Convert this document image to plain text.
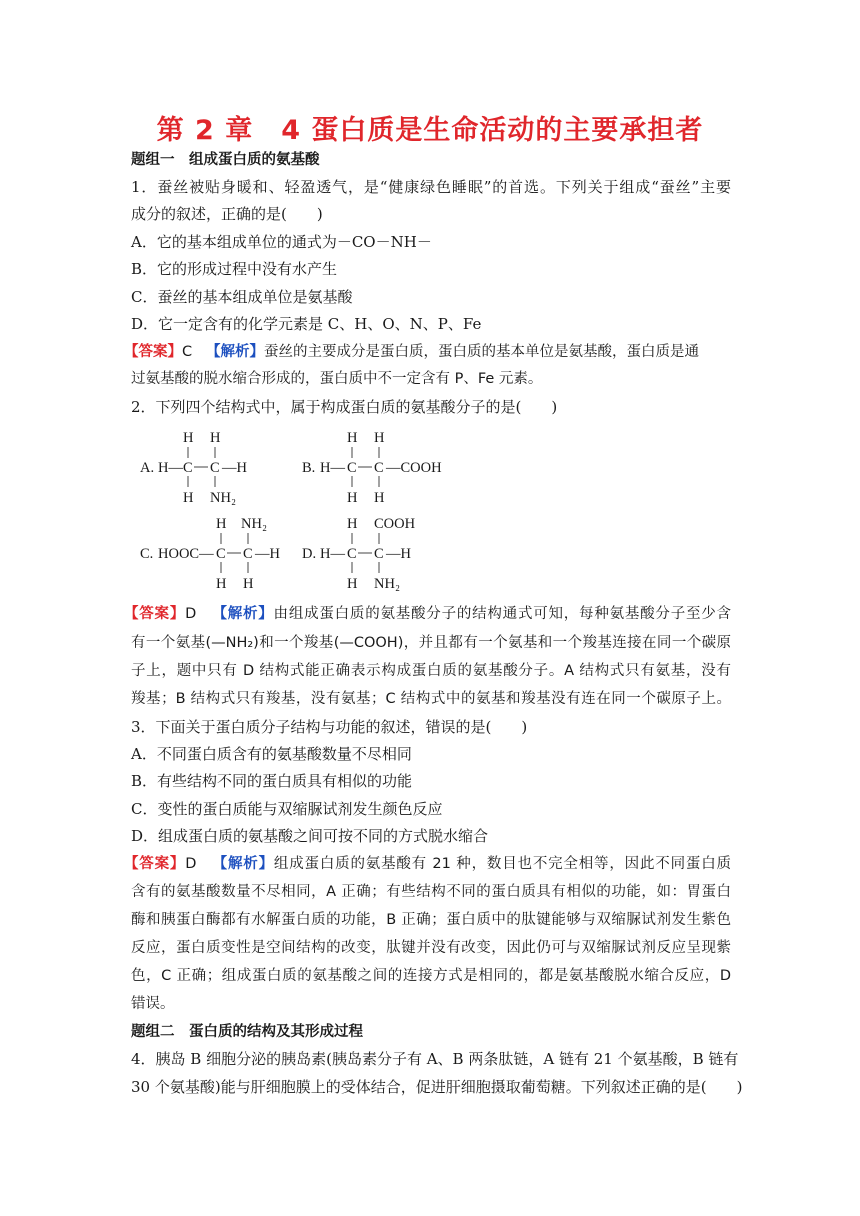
第 2 章　4 蛋白质是生命活动的主要承担者
题组一　组成蛋白质的氨基酸
1．蚕丝被贴身暖和、轻盈透气，是“健康绿色睡眠”的首选。下列关于组成“蚕丝”主要
成分的叙述，正确的是(　　)
A．它的基本组成单位的通式为－CO－NH－
B．它的形成过程中没有水产生
C．蚕丝的基本组成单位是氨基酸
D．它一定含有的化学元素是 C、H、O、N、P、Fe
【答案】C 【解析】蚕丝的主要成分是蛋白质，蛋白质的基本单位是氨基酸，蛋白质是通
过氨基酸的脱水缩合形成的，蛋白质中不一定含有 P、Fe 元素。
2．下列四个结构式中，属于构成蛋白质的氨基酸分子的是(　　)
A. H— C C —H
H H
H NH₂
B. H— C C —COOH
H H
H H
C. HOOC— C C —H
H NH₂
H H
D. H— C C —H
H COOH
H NH₂
【答案】D 【解析】由组成蛋白质的氨基酸分子的结构通式可知，每种氨基酸分子至少含
有一个氨基(—NH₂)和一个羧基(—COOH)，并且都有一个氨基和一个羧基连接在同一个碳原
子上，题中只有 D 结构式能正确表示构成蛋白质的氨基酸分子。A 结构式只有氨基，没有
羧基；B 结构式只有羧基，没有氨基；C 结构式中的氨基和羧基没有连在同一个碳原子上。
3．下面关于蛋白质分子结构与功能的叙述，错误的是(　　)
A．不同蛋白质含有的氨基酸数量不尽相同
B．有些结构不同的蛋白质具有相似的功能
C．变性的蛋白质能与双缩脲试剂发生颜色反应
D．组成蛋白质的氨基酸之间可按不同的方式脱水缩合
【答案】D 【解析】组成蛋白质的氨基酸有 21 种，数目也不完全相等，因此不同蛋白质
含有的氨基酸数量不尽相同，A 正确；有些结构不同的蛋白质具有相似的功能，如：胃蛋白
酶和胰蛋白酶都有水解蛋白质的功能，B 正确；蛋白质中的肽键能够与双缩脲试剂发生紫色
反应，蛋白质变性是空间结构的改变，肽键并没有改变，因此仍可与双缩脲试剂反应呈现紫
色，C 正确；组成蛋白质的氨基酸之间的连接方式是相同的，都是氨基酸脱水缩合反应，D
错误。
题组二　蛋白质的结构及其形成过程
4．胰岛 B 细胞分泌的胰岛素(胰岛素分子有 A、B 两条肽链，A 链有 21 个氨基酸，B 链有
30 个氨基酸)能与肝细胞膜上的受体结合，促进肝细胞摄取葡萄糖。下列叙述正确的是(　　)
